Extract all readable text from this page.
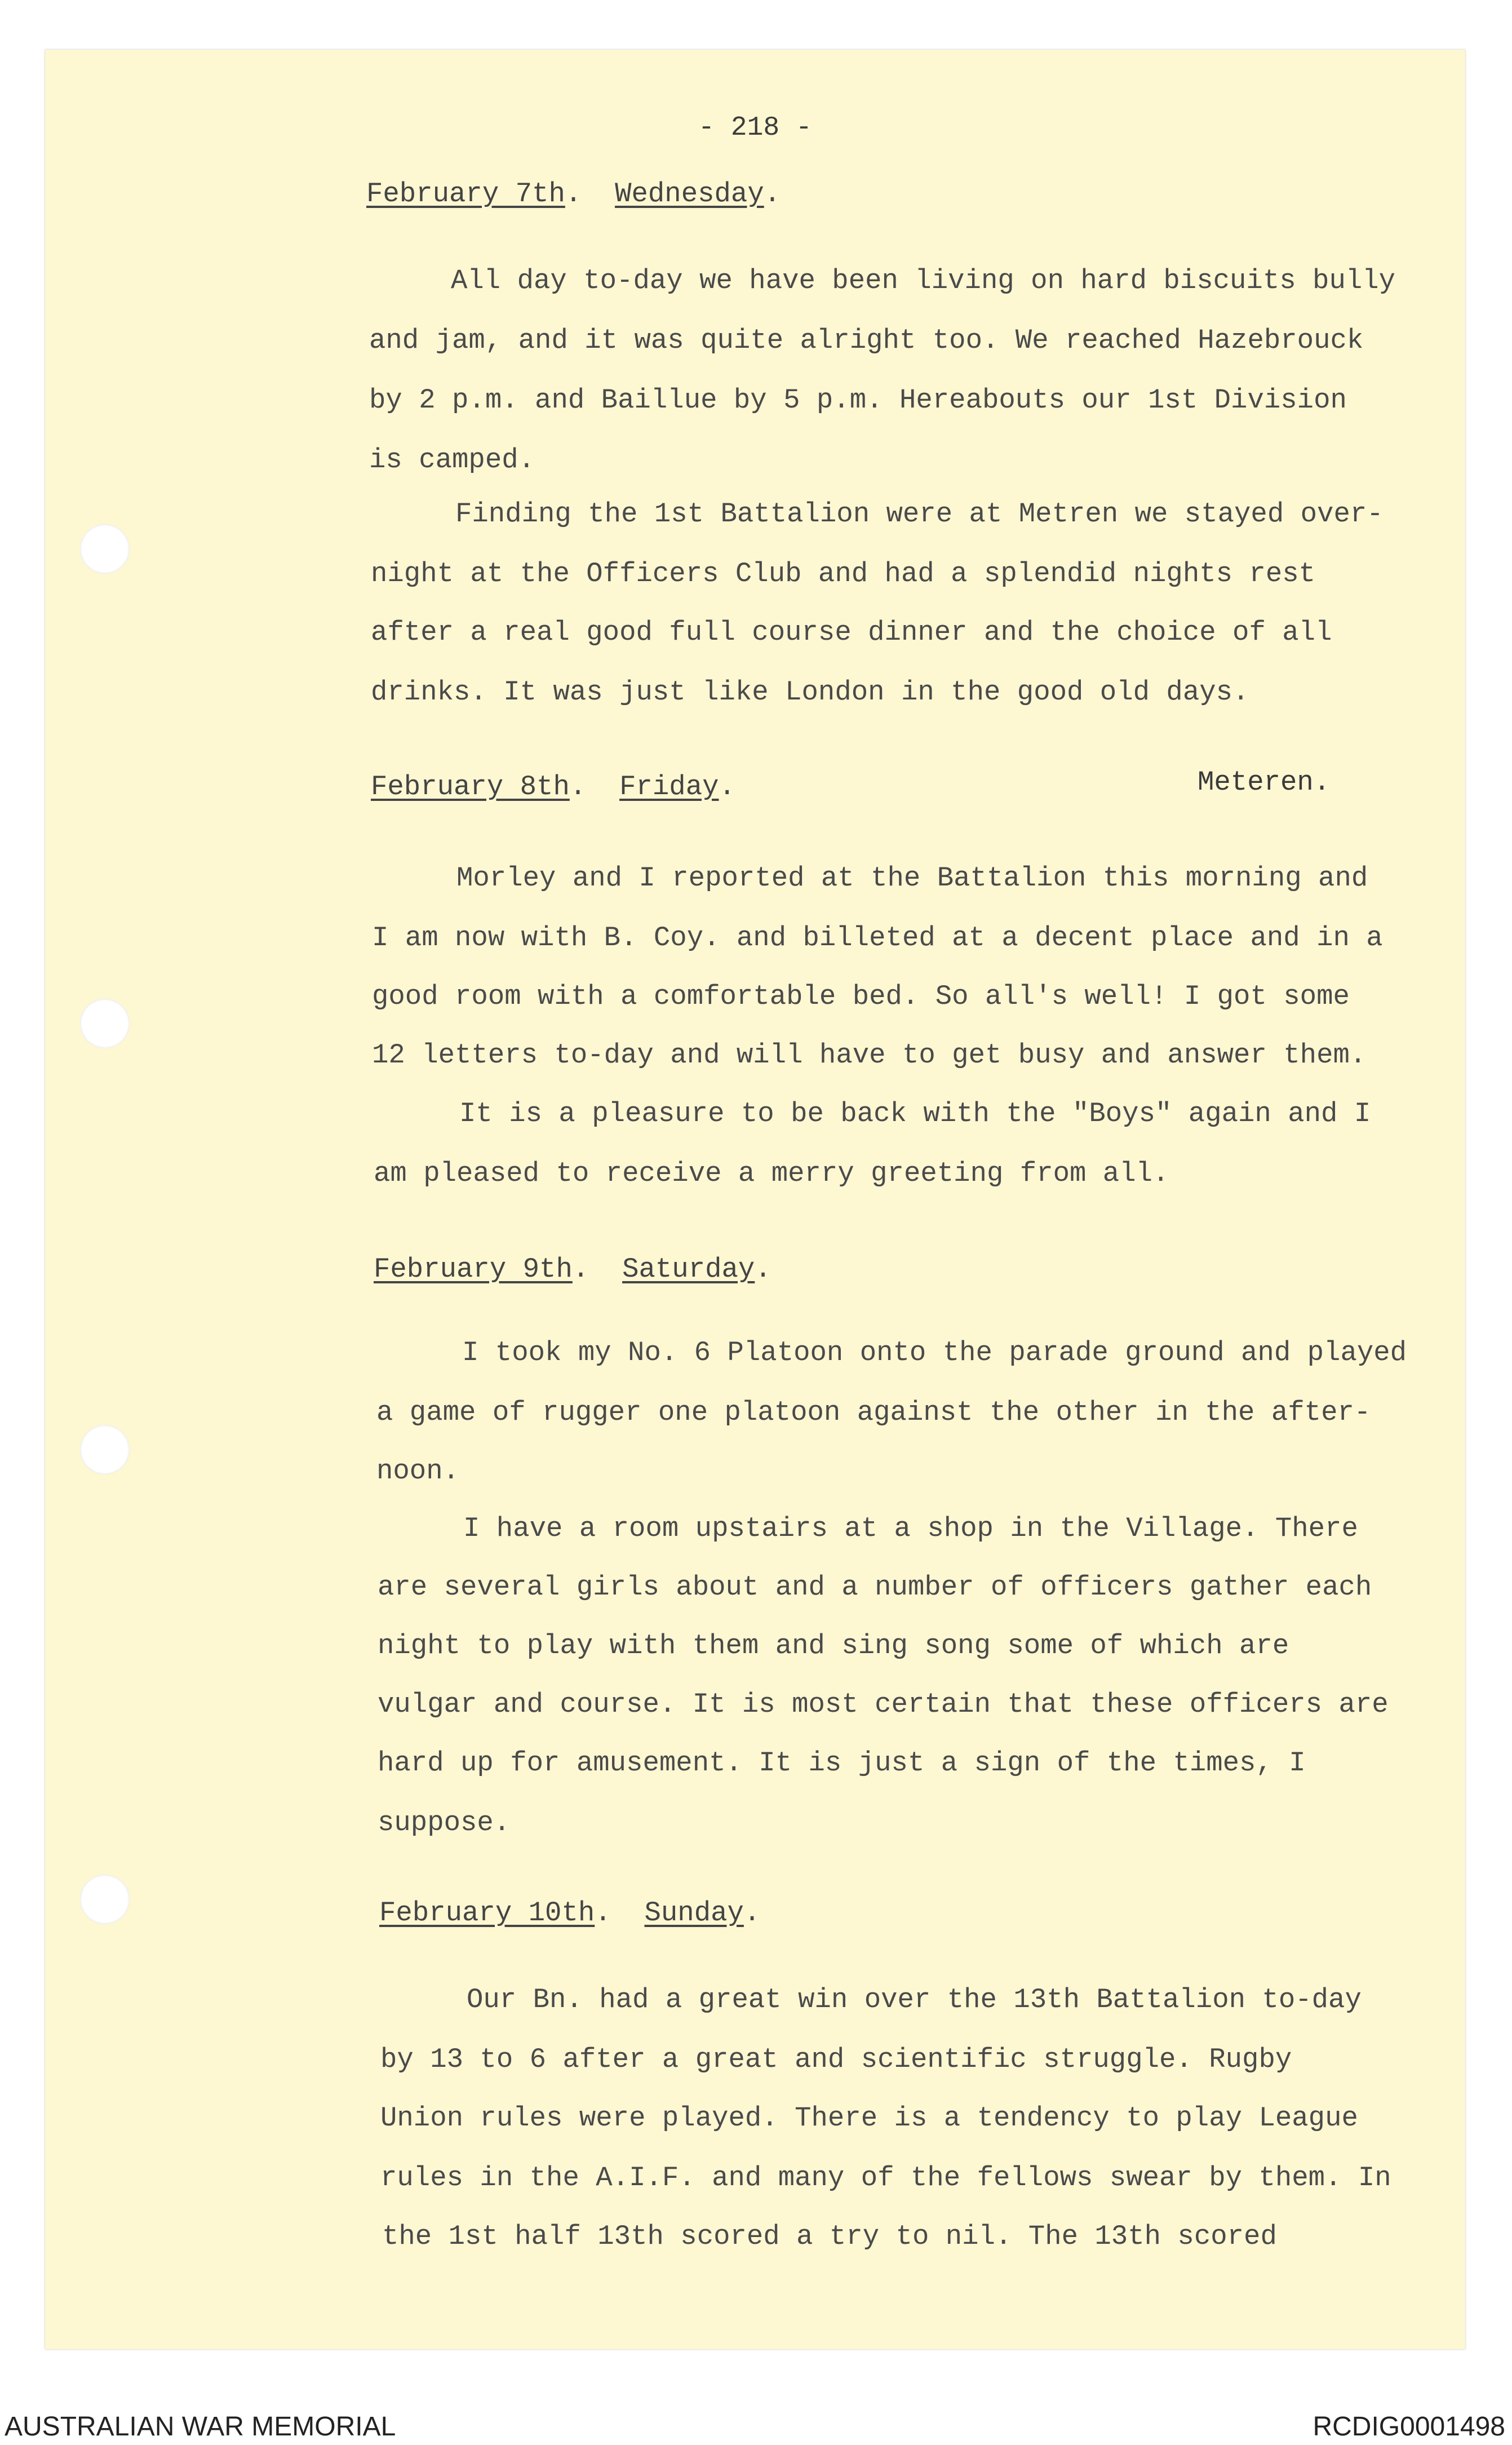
- 218 -
February 7th.  Wednesday.
All day to-day we have been living on hard biscuits bully
and jam, and it was quite alright too. We reached Hazebrouck
by 2 p.m. and Baillue by 5 p.m. Hereabouts our 1st Division
is camped.
Finding the 1st Battalion were at Metren we stayed over-
night at the Officers Club and had a splendid nights rest
after a real good full course dinner and the choice of all
drinks. It was just like London in the good old days.
February 8th.  Friday.	Meteren.
Morley and I reported at the Battalion this morning and
I am now with B. Coy. and billeted at a decent place and in a
good room with a comfortable bed. So all's well! I got some
12 letters to-day and will have to get busy and answer them.
It is a pleasure to be back with the "Boys" again and I
am pleased to receive a merry greeting from all.
February 9th.  Saturday.
I took my No. 6 Platoon onto the parade ground and played
a game of rugger one platoon against the other in the after-
noon.
I have a room upstairs at a shop in the Village. There
are several girls about and a number of officers gather each
night to play with them and sing song some of which are
vulgar and course. It is most certain that these officers are
hard up for amusement. It is just a sign of the times, I
suppose.
February 10th.  Sunday.
Our Bn. had a great win over the 13th Battalion to-day
by 13 to 6 after a great and scientific struggle. Rugby
Union rules were played. There is a tendency to play League
rules in the A.I.F. and many of the fellows swear by them. In
the 1st half 13th scored a try to nil. The 13th scored
AUSTRALIAN WAR MEMORIAL	RCDIG0001498
